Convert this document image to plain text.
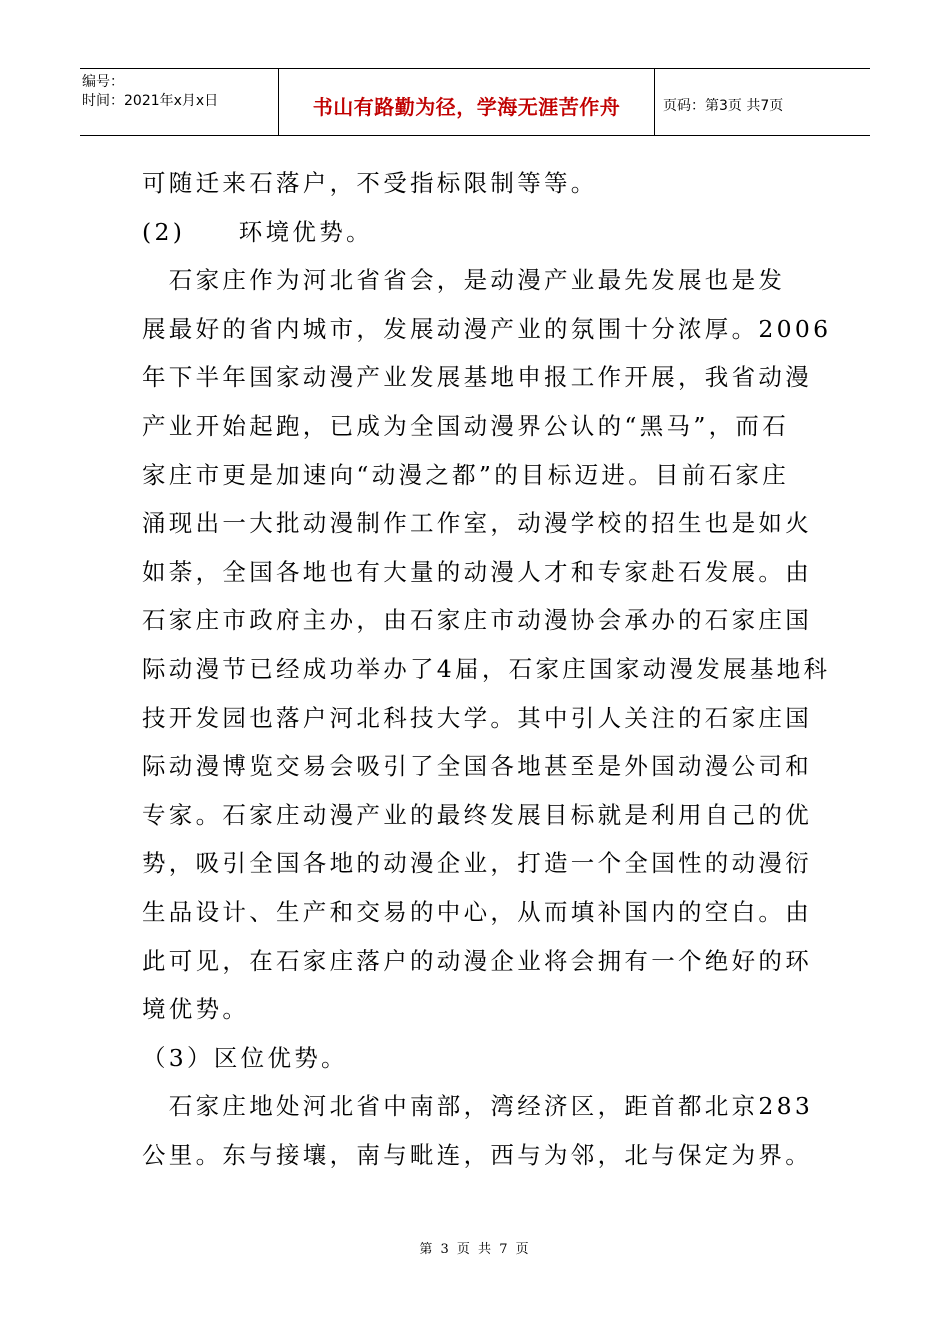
编号：
时间：2021年x月x日	书山有路勤为径，学海无涯苦作舟	页码：第3页 共7页

可随迁来石落户，不受指标限制等等。

(2)　　环境优势。

　石家庄作为河北省省会，是动漫产业最先发展也是发

展最好的省内城市，发展动漫产业的氛围十分浓厚。2006

年下半年国家动漫产业发展基地申报工作开展，我省动漫

产业开始起跑，已成为全国动漫界公认的“黑马”，而石

家庄市更是加速向“动漫之都”的目标迈进。目前石家庄

涌现出一大批动漫制作工作室，动漫学校的招生也是如火

如荼，全国各地也有大量的动漫人才和专家赴石发展。由

石家庄市政府主办，由石家庄市动漫协会承办的石家庄国

际动漫节已经成功举办了4届，石家庄国家动漫发展基地科

技开发园也落户河北科技大学。其中引人关注的石家庄国

际动漫博览交易会吸引了全国各地甚至是外国动漫公司和

专家。石家庄动漫产业的最终发展目标就是利用自己的优

势，吸引全国各地的动漫企业，打造一个全国性的动漫衍

生品设计、生产和交易的中心，从而填补国内的空白。由

此可见，在石家庄落户的动漫企业将会拥有一个绝好的环

境优势。

（3）区位优势。

　石家庄地处河北省中南部，湾经济区，距首都北京283

公里。东与接壤，南与毗连，西与为邻，北与保定为界。

第 3 页 共 7 页
